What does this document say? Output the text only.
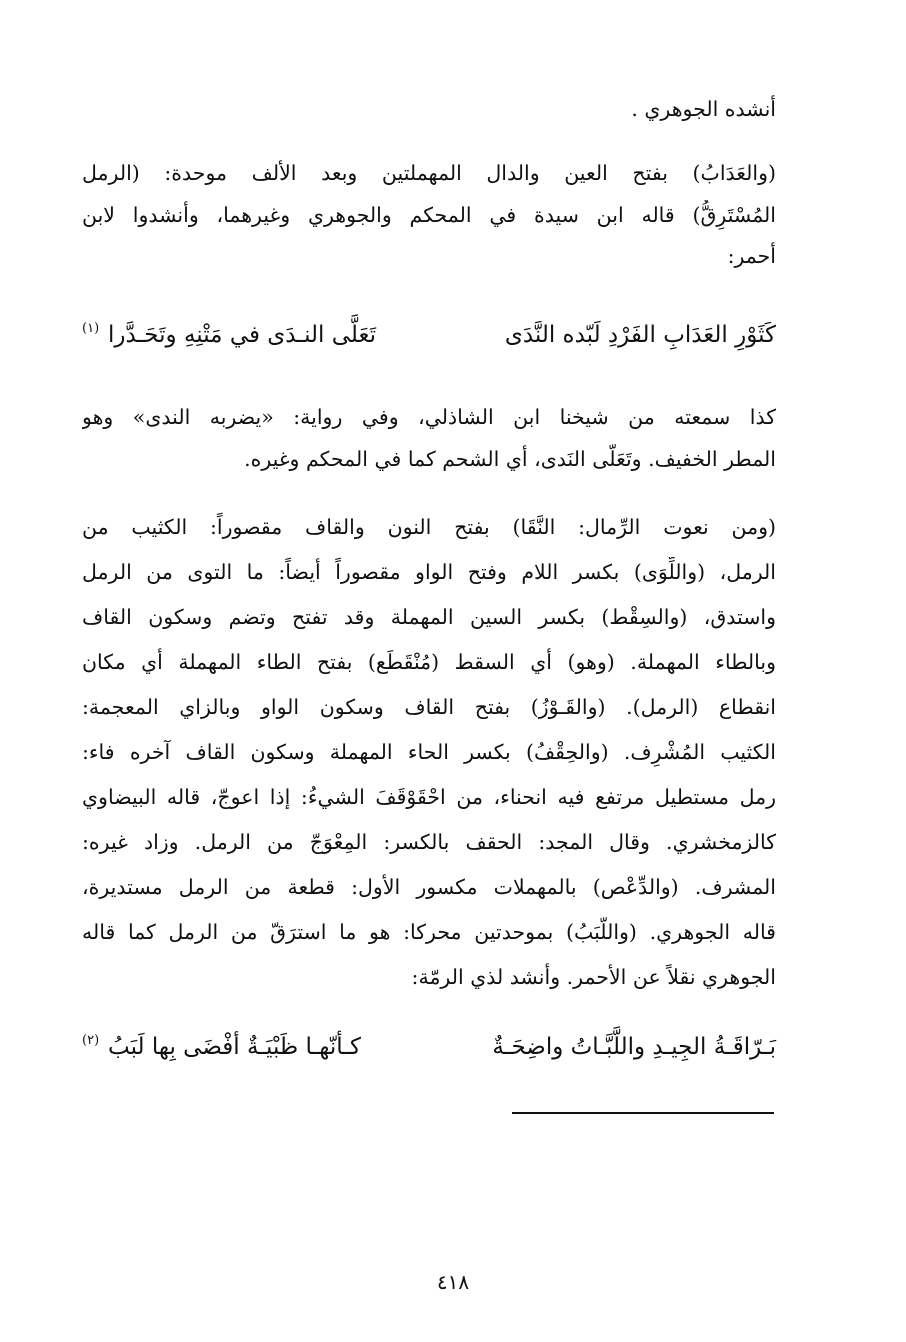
أنشده الجوهري .
(والعَدَابُ) بفتح العين والدال المهملتين وبعد الألف موحدة: (الرمل
المُسْتَرِقُّ) قاله ابن سيدة في المحكم والجوهري وغيرهما، وأنشدوا لابن
أحمر:
كَثَوْرِ العَدَابِ الفَرْدِ لَبّده النَّدَى
تَعَلَّى النـدَى في مَتْنِهِ وتَحَـدَّرا
(١)
كذا سمعته من شيخنا ابن الشاذلي، وفي رواية: «يضربه الندى» وهو
المطر الخفيف. وتَعَلَّى النَدى، أي الشحم كما في المحكم وغيره.
(ومن نعوت الرِّمال: النَّقَا) بفتح النون والقاف مقصوراً: الكثيب من
الرمل، (واللِّوَى) بكسر اللام وفتح الواو مقصوراً أيضاً: ما التوى من الرمل
واستدق، (والسِقْط) بكسر السين المهملة وقد تفتح وتضم وسكون القاف
وبالطاء المهملة. (وهو) أي السقط (مُنْقَطَع) بفتح الطاء المهملة أي مكان
انقطاع (الرمل). (والقَـوْزُ) بفتح القاف وسكون الواو وبالزاي المعجمة:
الكثيب المُشْرِف. (والحِقْفُ) بكسر الحاء المهملة وسكون القاف آخره فاء:
رمل مستطيل مرتفع فيه انحناء، من احْقَوْقَفَ الشيءُ: إذا اعوجّ، قاله البيضاوي
كالزمخشري. وقال المجد: الحقف بالكسر: المِعْوَجّ من الرمل. وزاد غيره:
المشرف. (والدِّعْص) بالمهملات مكسور الأول: قطعة من الرمل مستديرة،
قاله الجوهري. (واللَّبَبُ) بموحدتين محركا: هو ما استرَقّ من الرمل كما قاله
الجوهري نقلاً عن الأحمر. وأنشد لذي الرمّة:
بَـرّاقَـةُ الجِيـدِ واللَّبَّـاتُ واضِحَـةٌ
كـأنّهـا ظَبْيَـةٌ أفْضَى بِها لَبَبُ
(٢)
٤١٨
